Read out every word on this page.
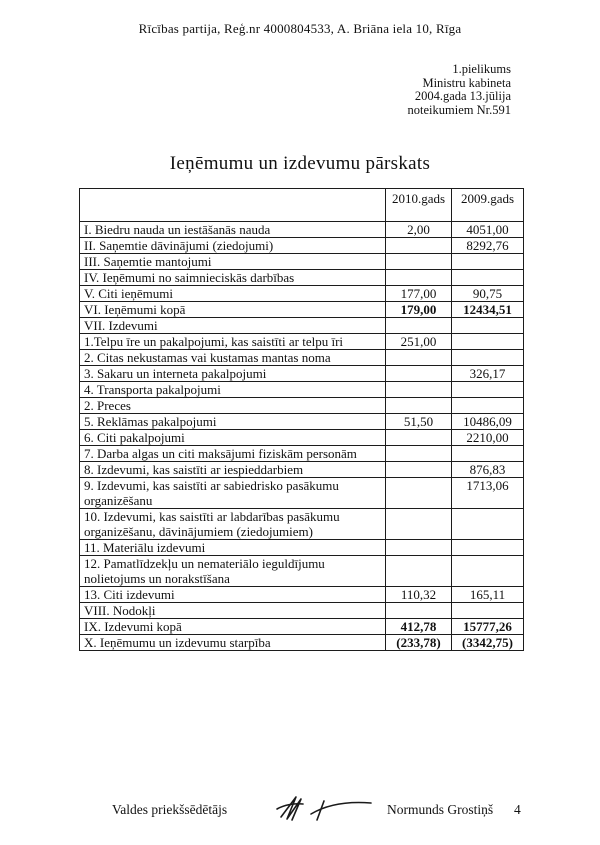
Rīcības partija, Reģ.nr 4000804533, A. Briāna iela 10, Rīga
1.pielikums
Ministru kabineta
2004.gada 13.jūlija
noteikumiem Nr.591
Ieņēmumu un izdevumu pārskats
	2010.gads	2009.gads
I. Biedru nauda un iestāšanās nauda	2,00	4051,00
II. Saņemtie dāvinājumi (ziedojumi)		8292,76
III. Saņemtie mantojumi		
IV. Ieņēmumi no saimnieciskās darbības		
V. Citi ieņēmumi	177,00	90,75
VI. Ieņēmumi kopā	179,00	12434,51
VII. Izdevumi		
1.Telpu īre un pakalpojumi, kas saistīti ar telpu īri	251,00	
2. Citas nekustamas vai kustamas mantas noma		
3. Sakaru un interneta pakalpojumi		326,17
4. Transporta pakalpojumi		
2. Preces		
5. Reklāmas pakalpojumi	51,50	10486,09
6. Citi pakalpojumi		2210,00
7. Darba algas un citi maksājumi fiziskām personām		
8. Izdevumi, kas saistīti ar iespieddarbiem		876,83
9. Izdevumi, kas saistīti ar sabiedrisko pasākumu organizēšanu		1713,06
10. Izdevumi, kas saistīti ar labdarības pasākumu organizēšanu, dāvinājumiem (ziedojumiem)		
11. Materiālu izdevumi		
12. Pamatlīdzekļu un nemateriālo ieguldījumu nolietojums un norakstīšana		
13. Citi izdevumi	110,32	165,11
VIII. Nodokļi		
IX. Izdevumi kopā	412,78	15777,26
X. Ieņēmumu un izdevumu starpība	(233,78)	(3342,75)
Valdes priekšsēdētājs	Normunds Grostiņš 4
